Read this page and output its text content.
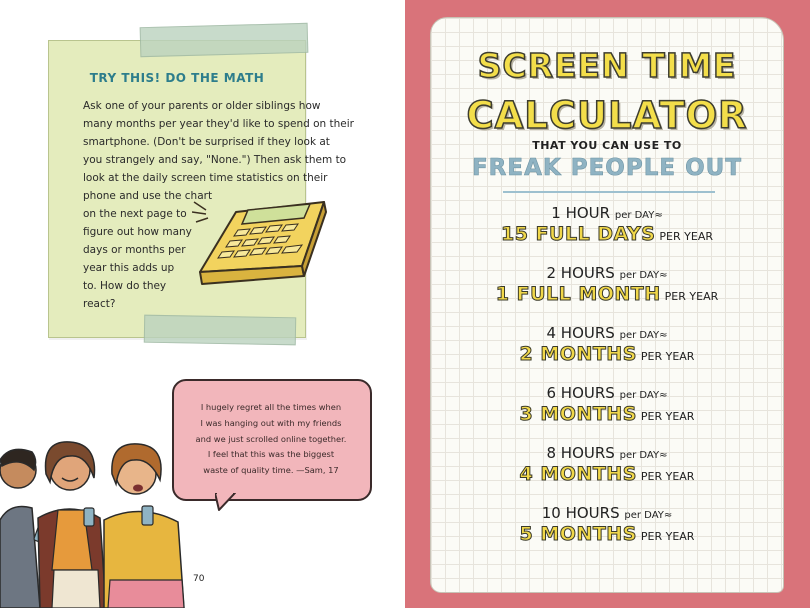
TRY THIS! DO THE MATH
Ask one of your parents or older siblings how
many months per year they'd like to spend on their
smartphone. (Don't be surprised if they look at
you strangely and say, "None.") Then ask them to
look at the daily screen time statistics on their
phone and use the chart
on the next page to
figure out how many
days or months per
year this adds up
to. How do they
react?
I hugely regret all the times when
I was hanging out with my friends
and we just scrolled online together.
I feel that this was the biggest
waste of quality time. —Sam, 17
70
SCREEN TIME
CALCULATOR
THAT YOU CAN USE TO
FREAK PEOPLE OUT
1 HOUR per DAY≈
15 FULL DAYS PER YEAR
2 HOURS per DAY≈
1 FULL MONTH PER YEAR
4 HOURS per DAY≈
2 MONTHS PER YEAR
6 HOURS per DAY≈
3 MONTHS PER YEAR
8 HOURS per DAY≈
4 MONTHS PER YEAR
10 HOURS per DAY≈
5 MONTHS PER YEAR
